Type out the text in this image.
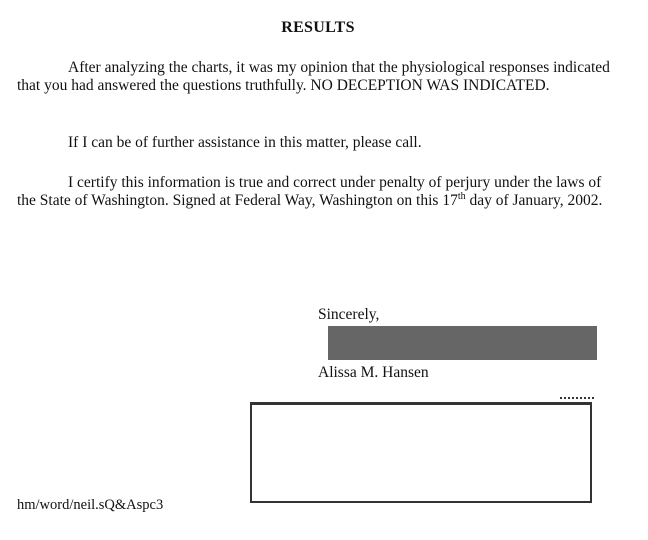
RESULTS
After analyzing the charts, it was my opinion that the physiological responses indicated that you had answered the questions truthfully. NO DECEPTION WAS INDICATED.
If I can be of further assistance in this matter, please call.
I certify this information is true and correct under penalty of perjury under the laws of the State of Washington. Signed at Federal Way, Washington on this 17th day of January, 2002.
Sincerely,
Alissa M. Hansen
hm/word/neil.sQ&Aspc3
